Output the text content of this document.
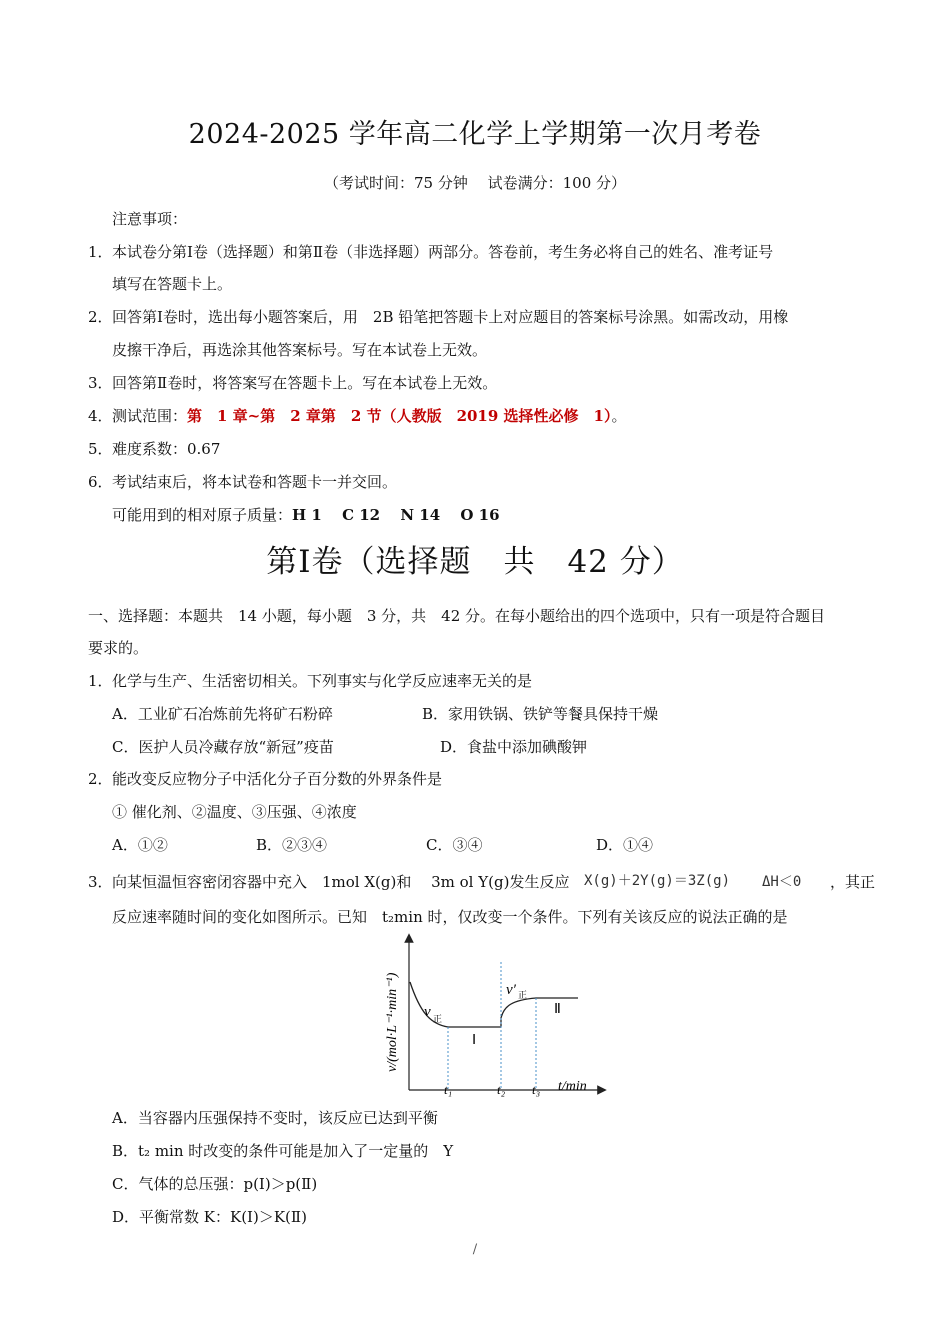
2024-2025 学年高二化学上学期第一次月考卷
（考试时间：75 分钟　 试卷满分：100 分）
注意事项：
1． 本试卷分第Ⅰ卷（选择题）和第Ⅱ卷（非选择题）两部分。答卷前，考生务必将自己的姓名、准考证号
填写在答题卡上。
2． 回答第Ⅰ卷时，选出每小题答案后，用　2B 铅笔把答题卡上对应题目的答案标号涂黑。如需改动，用橡
皮擦干净后，再选涂其他答案标号。写在本试卷上无效。
3． 回答第Ⅱ卷时，将答案写在答题卡上。写在本试卷上无效。
4． 测试范围：第　1 章~第　2 章第　2 节（人教版　2019 选择性必修　1）。
5． 难度系数：0.67
6． 考试结束后，将本试卷和答题卡一并交回。
可能用到的相对原子质量：H 1　 C 12　 N 14　 O 16
第Ⅰ卷（选择题　共　42 分）
一、选择题：本题共　14 小题，每小题　3 分，共　42 分。在每小题给出的四个选项中，只有一项是符合题目
要求的。
1． 化学与生产、生活密切相关。下列事实与化学反应速率无关的是
A．工业矿石冶炼前先将矿石粉碎	B．家用铁锅、铁铲等餐具保持干燥
C．医护人员冷藏存放“新冠”疫苗	D．食盐中添加碘酸钾
2． 能改变反应物分子中活化分子百分数的外界条件是
① 催化剂、②温度、③压强、④浓度
A．①②	B．②③④	C．③④	D．①④
3． 向某恒温恒容密闭容器中充入　1mol X(g)和　 3m ol Y(g)发生反应 X(g)＋2Y(g)＝3Z(g) ΔH＜0 ，其正
反应速率随时间的变化如图所示。已知　t₂min 时，仅改变一个条件。下列有关该反应的说法正确的是
v/(mol·L⁻¹·min⁻¹)
t/min
t₁	t₂ t₃
v 正
v′ 正
Ⅰ
Ⅱ
A．当容器内压强保持不变时，该反应已达到平衡
B．t₂ min 时改变的条件可能是加入了一定量的　Y
C．气体的总压强：p(Ⅰ)＞p(Ⅱ)
D．平衡常数 K：K(Ⅰ)＞K(Ⅱ)
/
